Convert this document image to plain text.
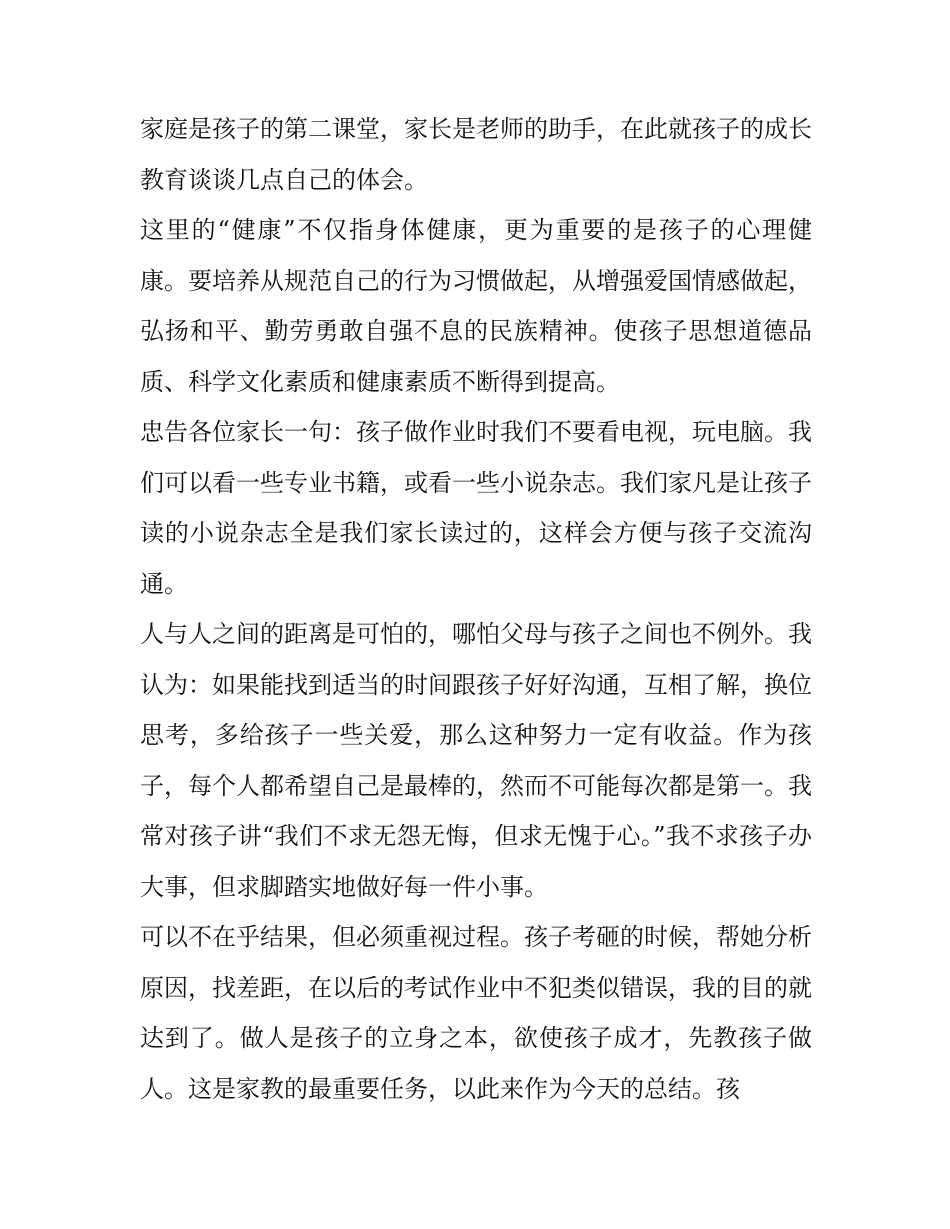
家庭是孩子的第二课堂，家长是老师的助手，在此就孩子的成长教育谈谈几点自己的体会。

这里的“健康”不仅指身体健康，更为重要的是孩子的心理健康。要培养从规范自己的行为习惯做起，从增强爱国情感做起，弘扬和平、勤劳勇敢自强不息的民族精神。使孩子思想道德品质、科学文化素质和健康素质不断得到提高。

忠告各位家长一句：孩子做作业时我们不要看电视，玩电脑。我们可以看一些专业书籍，或看一些小说杂志。我们家凡是让孩子读的小说杂志全是我们家长读过的，这样会方便与孩子交流沟通。

人与人之间的距离是可怕的，哪怕父母与孩子之间也不例外。我认为：如果能找到适当的时间跟孩子好好沟通，互相了解，换位思考，多给孩子一些关爱，那么这种努力一定有收益。作为孩子，每个人都希望自己是最棒的，然而不可能每次都是第一。我常对孩子讲“我们不求无怨无悔，但求无愧于心。”我不求孩子办大事，但求脚踏实地做好每一件小事。

可以不在乎结果，但必须重视过程。孩子考砸的时候，帮她分析原因，找差距，在以后的考试作业中不犯类似错误，我的目的就达到了。做人是孩子的立身之本，欲使孩子成才，先教孩子做人。这是家教的最重要任务，以此来作为今天的总结。孩
